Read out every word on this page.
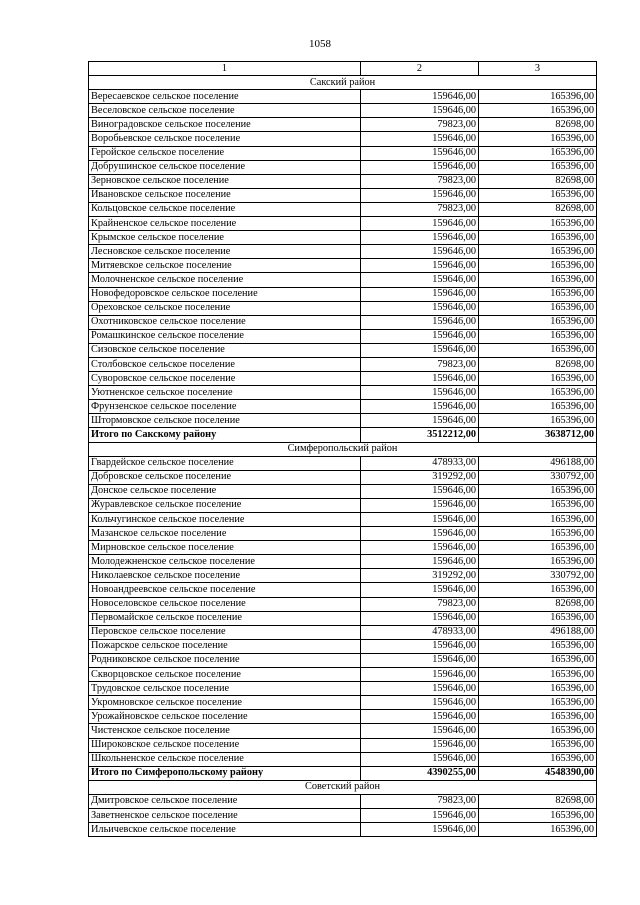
1058
1	2	3
Сакский район		
Вересаевское сельское поселение	159646,00	165396,00
Веселовское сельское поселение	159646,00	165396,00
Виноградовское сельское поселение	79823,00	82698,00
Воробьевское сельское поселение	159646,00	165396,00
Геройское сельское поселение	159646,00	165396,00
Добрушинское сельское поселение	159646,00	165396,00
Зерновское сельское поселение	79823,00	82698,00
Ивановское сельское поселение	159646,00	165396,00
Кольцовское сельское поселение	79823,00	82698,00
Крайненское сельское поселение	159646,00	165396,00
Крымское сельское поселение	159646,00	165396,00
Лесновское сельское поселение	159646,00	165396,00
Митяевское сельское поселение	159646,00	165396,00
Молочненское сельское поселение	159646,00	165396,00
Новофедоровское сельское поселение	159646,00	165396,00
Ореховское сельское поселение	159646,00	165396,00
Охотниковское сельское поселение	159646,00	165396,00
Ромашкинское сельское поселение	159646,00	165396,00
Сизовское сельское поселение	159646,00	165396,00
Столбовское сельское поселение	79823,00	82698,00
Суворовское сельское поселение	159646,00	165396,00
Уютненское сельское поселение	159646,00	165396,00
Фрунзенское сельское поселение	159646,00	165396,00
Штормовское сельское поселение	159646,00	165396,00
Итого по Сакскому району	3512212,00	3638712,00
Симферопольский район		
Гвардейское сельское поселение	478933,00	496188,00
Добровское сельское поселение	319292,00	330792,00
Донское сельское поселение	159646,00	165396,00
Журавлевское сельское поселение	159646,00	165396,00
Кольчугинское сельское поселение	159646,00	165396,00
Мазанское сельское поселение	159646,00	165396,00
Мирновское сельское поселение	159646,00	165396,00
Молодежненское сельское поселение	159646,00	165396,00
Николаевское сельское поселение	319292,00	330792,00
Новоандреевское сельское поселение	159646,00	165396,00
Новоселовское сельское поселение	79823,00	82698,00
Первомайское сельское поселение	159646,00	165396,00
Перовское сельское поселение	478933,00	496188,00
Пожарское сельское поселение	159646,00	165396,00
Родниковское сельское поселение	159646,00	165396,00
Скворцовское сельское поселение	159646,00	165396,00
Трудовское сельское поселение	159646,00	165396,00
Укромновское сельское поселение	159646,00	165396,00
Урожайновское сельское поселение	159646,00	165396,00
Чистенское сельское поселение	159646,00	165396,00
Широковское сельское поселение	159646,00	165396,00
Школьненское сельское поселение	159646,00	165396,00
Итого по Симферопольскому району	4390255,00	4548390,00
Советский район		
Дмитровское сельское поселение	79823,00	82698,00
Заветненское сельское поселение	159646,00	165396,00
Ильичевское сельское поселение	159646,00	165396,00
